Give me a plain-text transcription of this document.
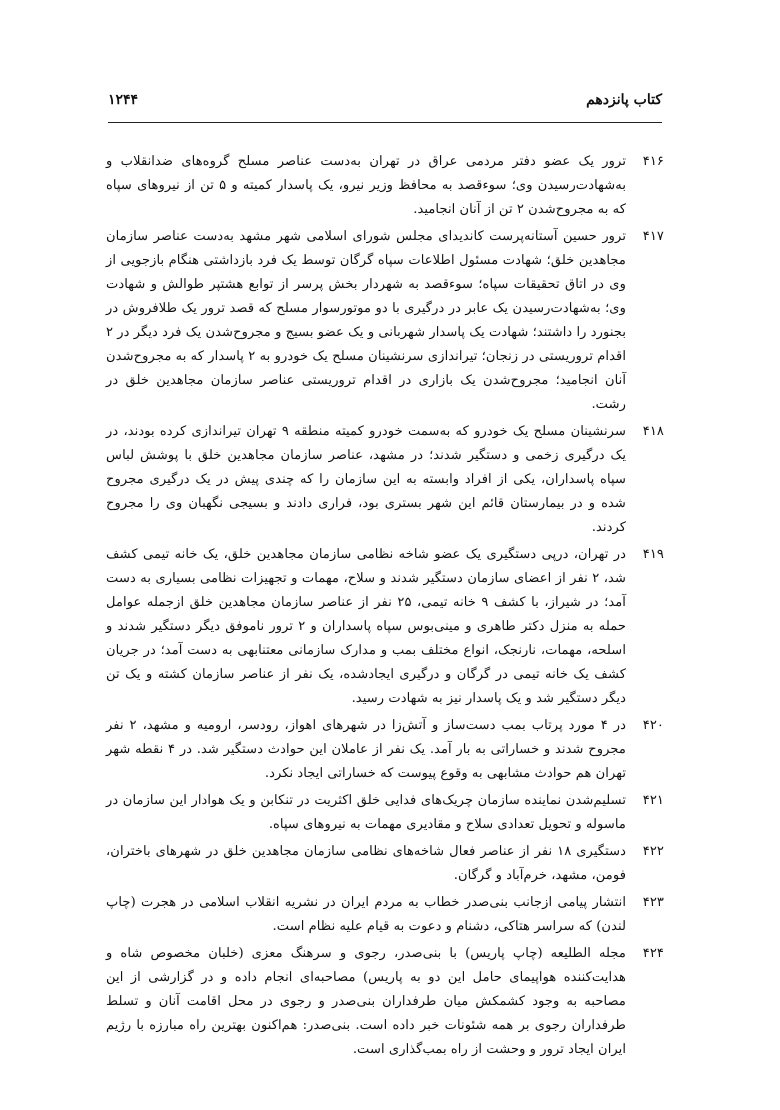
کتاب پانزدهم
۱۲۴۴
۴۱۶
ترور یک عضو دفتر مردمی عراق در تهران به‌دست عناصر مسلح گروه‌های ضدانقلاب و به‌شهادت‌رسیدن وی؛ سوءقصد به محافظ وزیر نیرو، یک پاسدار کمیته و ۵ تن از نیروهای سپاه که به مجروح‌شدن ۲ تن از آنان انجامید.
۴۱۷
ترور حسین آستانه‌پرست کاندیدای مجلس شورای اسلامی شهر مشهد به‌دست عناصر سازمان مجاهدین خلق؛ شهادت مسئول اطلاعات سپاه گرگان توسط یک فرد بازداشتی هنگام بازجویی از وی در اتاق تحقیقات سپاه؛ سوءقصد به شهردار بخش پرسر از توابع هشتپر طوالش و شهادت وی؛ به‌شهادت‌رسیدن یک عابر در درگیری با دو موتورسوار مسلح که قصد ترور یک طلافروش در بجنورد را داشتند؛ شهادت یک پاسدار شهربانی و یک عضو بسیج و مجروح‌شدن یک فرد دیگر در ۲ اقدام تروریستی در زنجان؛ تیراندازی سرنشینان مسلح یک خودرو به ۲ پاسدار که به مجروح‌شدن آنان انجامید؛ مجروح‌شدن یک بازاری در اقدام تروریستی عناصر سازمان مجاهدین خلق در رشت.
۴۱۸
سرنشینان مسلح یک خودرو که به‌سمت خودرو کمیته منطقه ۹ تهران تیراندازی کرده بودند، در یک درگیری زخمی و دستگیر شدند؛ در مشهد، عناصر سازمان مجاهدین خلق با پوشش لباس سپاه پاسداران، یکی از افراد وابسته به این سازمان را که چندی پیش در یک درگیری مجروح شده و در بیمارستان قائم این شهر بستری بود، فراری دادند و بسیجی نگهبان وی را مجروح کردند.
۴۱۹
در تهران، درپی دستگیری یک عضو شاخه نظامی سازمان مجاهدین خلق، یک خانه تیمی کشف شد، ۲ نفر از اعضای سازمان دستگیر شدند و سلاح، مهمات و تجهیزات نظامی بسیاری به دست آمد؛ در شیراز، با کشف ۹ خانه تیمی، ۲۵ نفر از عناصر سازمان مجاهدین خلق ازجمله عوامل حمله به منزل دکتر طاهری و مینی‌بوس سپاه پاسداران و ۲ ترور ناموفق دیگر دستگیر شدند و اسلحه، مهمات، نارنجک، انواع مختلف بمب و مدارک سازمانی معتنابهی به دست آمد؛ در جریان کشف یک خانه تیمی در گرگان و درگیری ایجادشده، یک نفر از عناصر سازمان کشته و یک تن دیگر دستگیر شد و یک پاسدار نیز به شهادت رسید.
۴۲۰
در ۴ مورد پرتاب بمب دست‌ساز و آتش‌زا در شهرهای اهواز، رودسر، ارومیه و مشهد، ۲ نفر مجروح شدند و خساراتی به بار آمد. یک نفر از عاملان این حوادث دستگیر شد. در ۴ نقطه شهر تهران هم حوادث مشابهی به وقوع پیوست که خساراتی ایجاد نکرد.
۴۲۱
تسلیم‌شدن نماینده سازمان چریک‌های فدایی خلق اکثریت در تنکابن و یک هوادار این سازمان در ماسوله و تحویل تعدادی سلاح و مقادیری مهمات به نیروهای سپاه.
۴۲۲
دستگیری ۱۸ نفر از عناصر فعال شاخه‌های نظامی سازمان مجاهدین خلق در شهرهای باختران، فومن، مشهد، خرم‌آباد و گرگان.
۴۲۳
انتشار پیامی ازجانب بنی‌صدر خطاب به مردم ایران در نشریه انقلاب اسلامی در هجرت (چاپ لندن) که سراسر هتاکی، دشنام و دعوت به قیام علیه نظام است.
۴۲۴
مجله الطلیعه (چاپ پاریس) با بنی‌صدر، رجوی و سرهنگ معزی (خلبان مخصوص شاه و هدایت‌کننده هواپیمای حامل این دو به پاریس) مصاحبه‌ای انجام داده و در گزارشی از این مصاحبه به وجود کشمکش میان طرفداران بنی‌صدر و رجوی در محل اقامت آنان و تسلط طرفداران رجوی بر همه شئونات خبر داده است. بنی‌صدر: هم‌اکنون بهترین راه مبارزه با رژیم ایران ایجاد ترور و وحشت از راه بمب‌گذاری است.
